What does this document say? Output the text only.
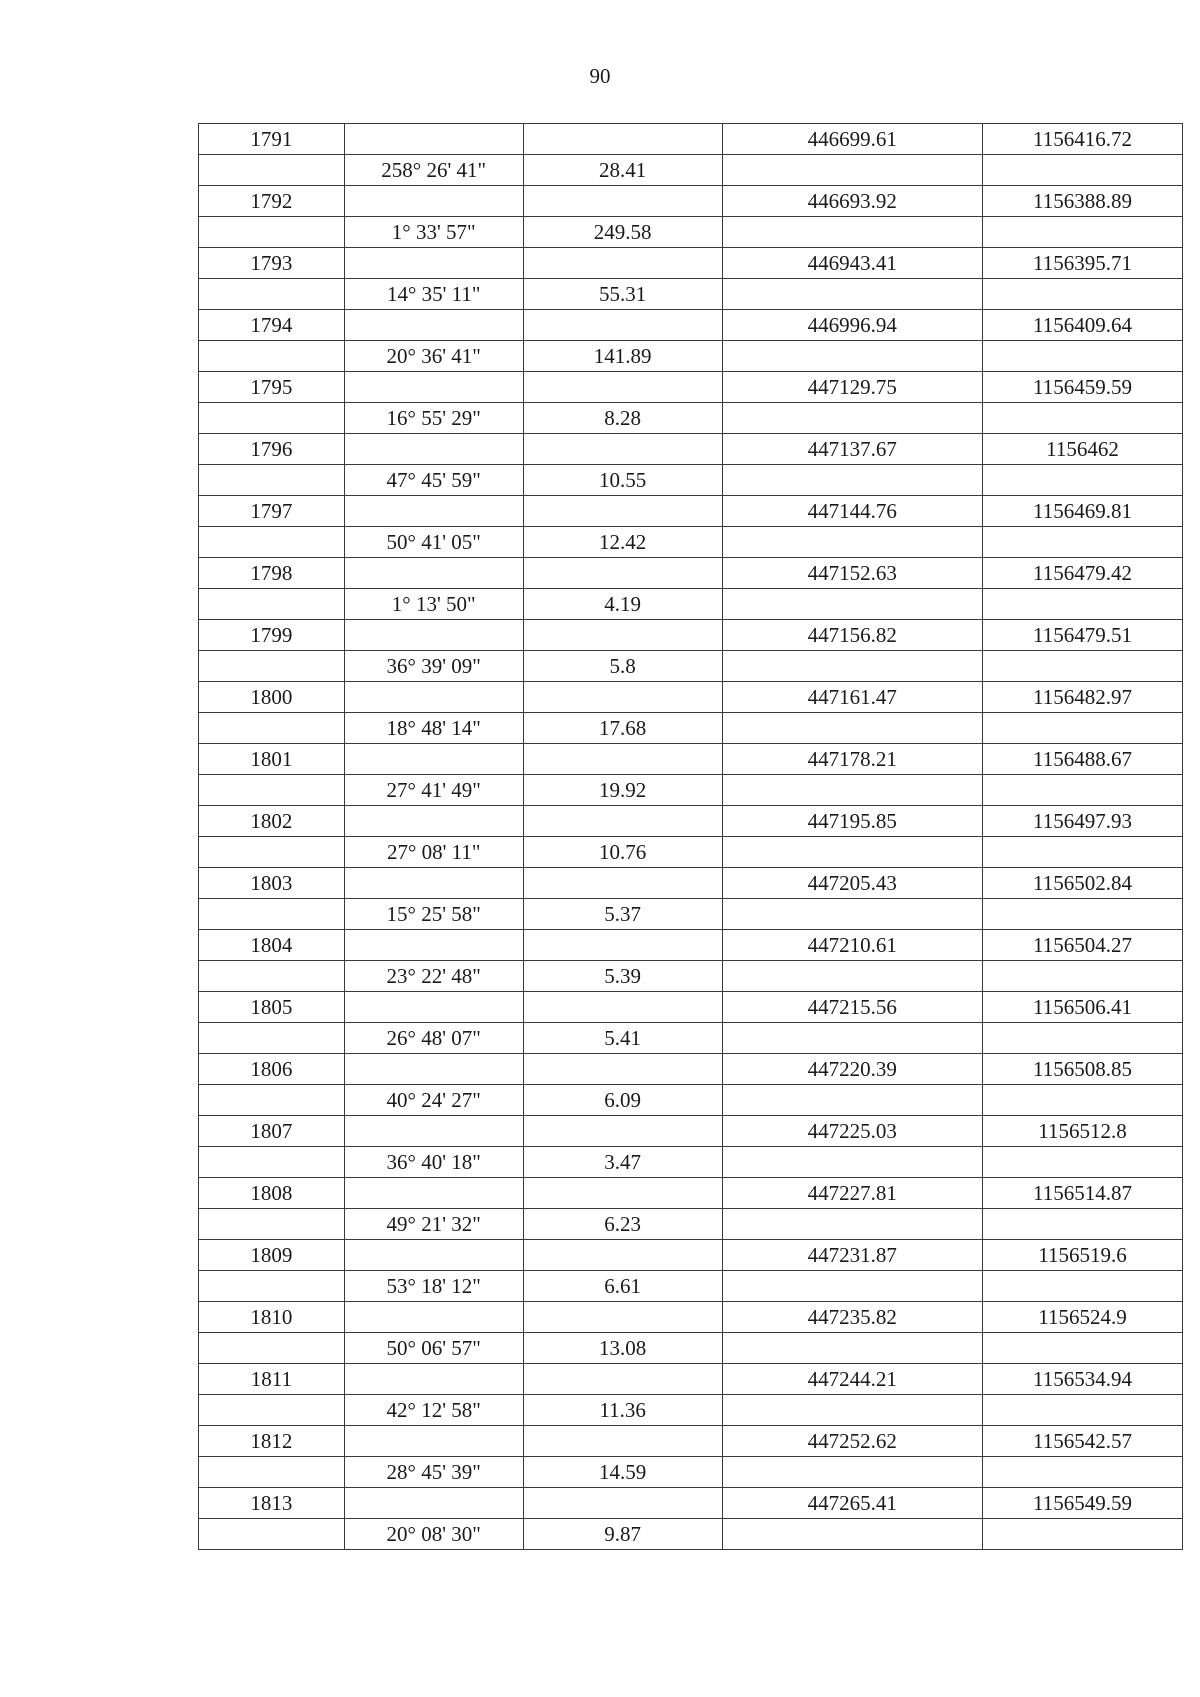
90
1791			446699.61	1156416.72
	258° 26' 41"	28.41		
1792			446693.92	1156388.89
	1° 33' 57"	249.58		
1793			446943.41	1156395.71
	14° 35' 11"	55.31		
1794			446996.94	1156409.64
	20° 36' 41"	141.89		
1795			447129.75	1156459.59
	16° 55' 29"	8.28		
1796			447137.67	1156462
	47° 45' 59"	10.55		
1797			447144.76	1156469.81
	50° 41' 05"	12.42		
1798			447152.63	1156479.42
	1° 13' 50"	4.19		
1799			447156.82	1156479.51
	36° 39' 09"	5.8		
1800			447161.47	1156482.97
	18° 48' 14"	17.68		
1801			447178.21	1156488.67
	27° 41' 49"	19.92		
1802			447195.85	1156497.93
	27° 08' 11"	10.76		
1803			447205.43	1156502.84
	15° 25' 58"	5.37		
1804			447210.61	1156504.27
	23° 22' 48"	5.39		
1805			447215.56	1156506.41
	26° 48' 07"	5.41		
1806			447220.39	1156508.85
	40° 24' 27"	6.09		
1807			447225.03	1156512.8
	36° 40' 18"	3.47		
1808			447227.81	1156514.87
	49° 21' 32"	6.23		
1809			447231.87	1156519.6
	53° 18' 12"	6.61		
1810			447235.82	1156524.9
	50° 06' 57"	13.08		
1811			447244.21	1156534.94
	42° 12' 58"	11.36		
1812			447252.62	1156542.57
	28° 45' 39"	14.59		
1813			447265.41	1156549.59
	20° 08' 30"	9.87		
